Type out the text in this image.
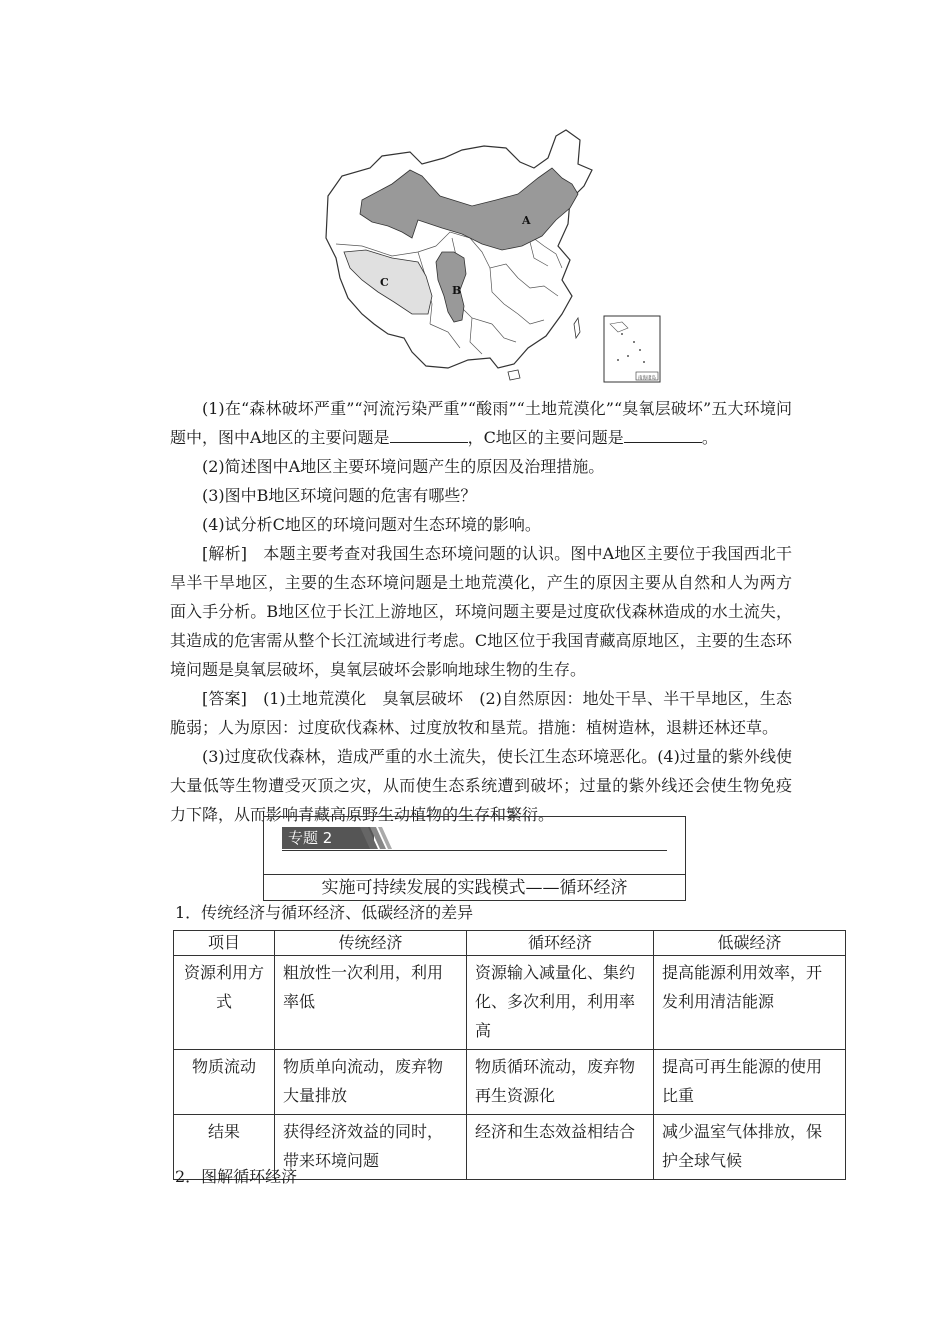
A
B
C
南海诸岛

(1)在“森林破坏严重”“河流污染严重”“酸雨”“土地荒漠化”“臭氧层破坏”五大环境问题中，图中A地区的主要问题是	，C地区的主要问题是	。

(2)简述图中A地区主要环境问题产生的原因及治理措施。

(3)图中B地区环境问题的危害有哪些？

(4)试分析C地区的环境问题对生态环境的影响。

[解析]　本题主要考查对我国生态环境问题的认识。图中A地区主要位于我国西北干旱半干旱地区，主要的生态环境问题是土地荒漠化，产生的原因主要从自然和人为两方面入手分析。B地区位于长江上游地区，环境问题主要是过度砍伐森林造成的水土流失，其造成的危害需从整个长江流域进行考虑。C地区位于我国青藏高原地区，主要的生态环境问题是臭氧层破坏，臭氧层破坏会影响地球生物的生存。

[答案]　(1)土地荒漠化　臭氧层破坏　(2)自然原因：地处干旱、半干旱地区，生态脆弱；人为原因：过度砍伐森林、过度放牧和垦荒。措施：植树造林，退耕还林还草。

(3)过度砍伐森林，造成严重的水土流失，使长江生态环境恶化。(4)过量的紫外线使大量低等生物遭受灭顶之灾，从而使生态系统遭到破坏；过量的紫外线还会使生物免疫力下降，从而影响青藏高原野生动植物的生存和繁衍。

专题 2
实施可持续发展的实践模式——循环经济
1．传统经济与循环经济、低碳经济的差异
项目	传统经济	循环经济	低碳经济
资源利用方式	粗放性一次利用，利用率低	资源输入减量化、集约化、多次利用，利用率高	提高能源利用效率，开发利用清洁能源
物质流动	物质单向流动，废弃物大量排放	物质循环流动，废弃物再生资源化	提高可再生能源的使用比重
结果	获得经济效益的同时，带来环境问题	经济和生态效益相结合	减少温室气体排放，保护全球气候
2．图解循环经济
